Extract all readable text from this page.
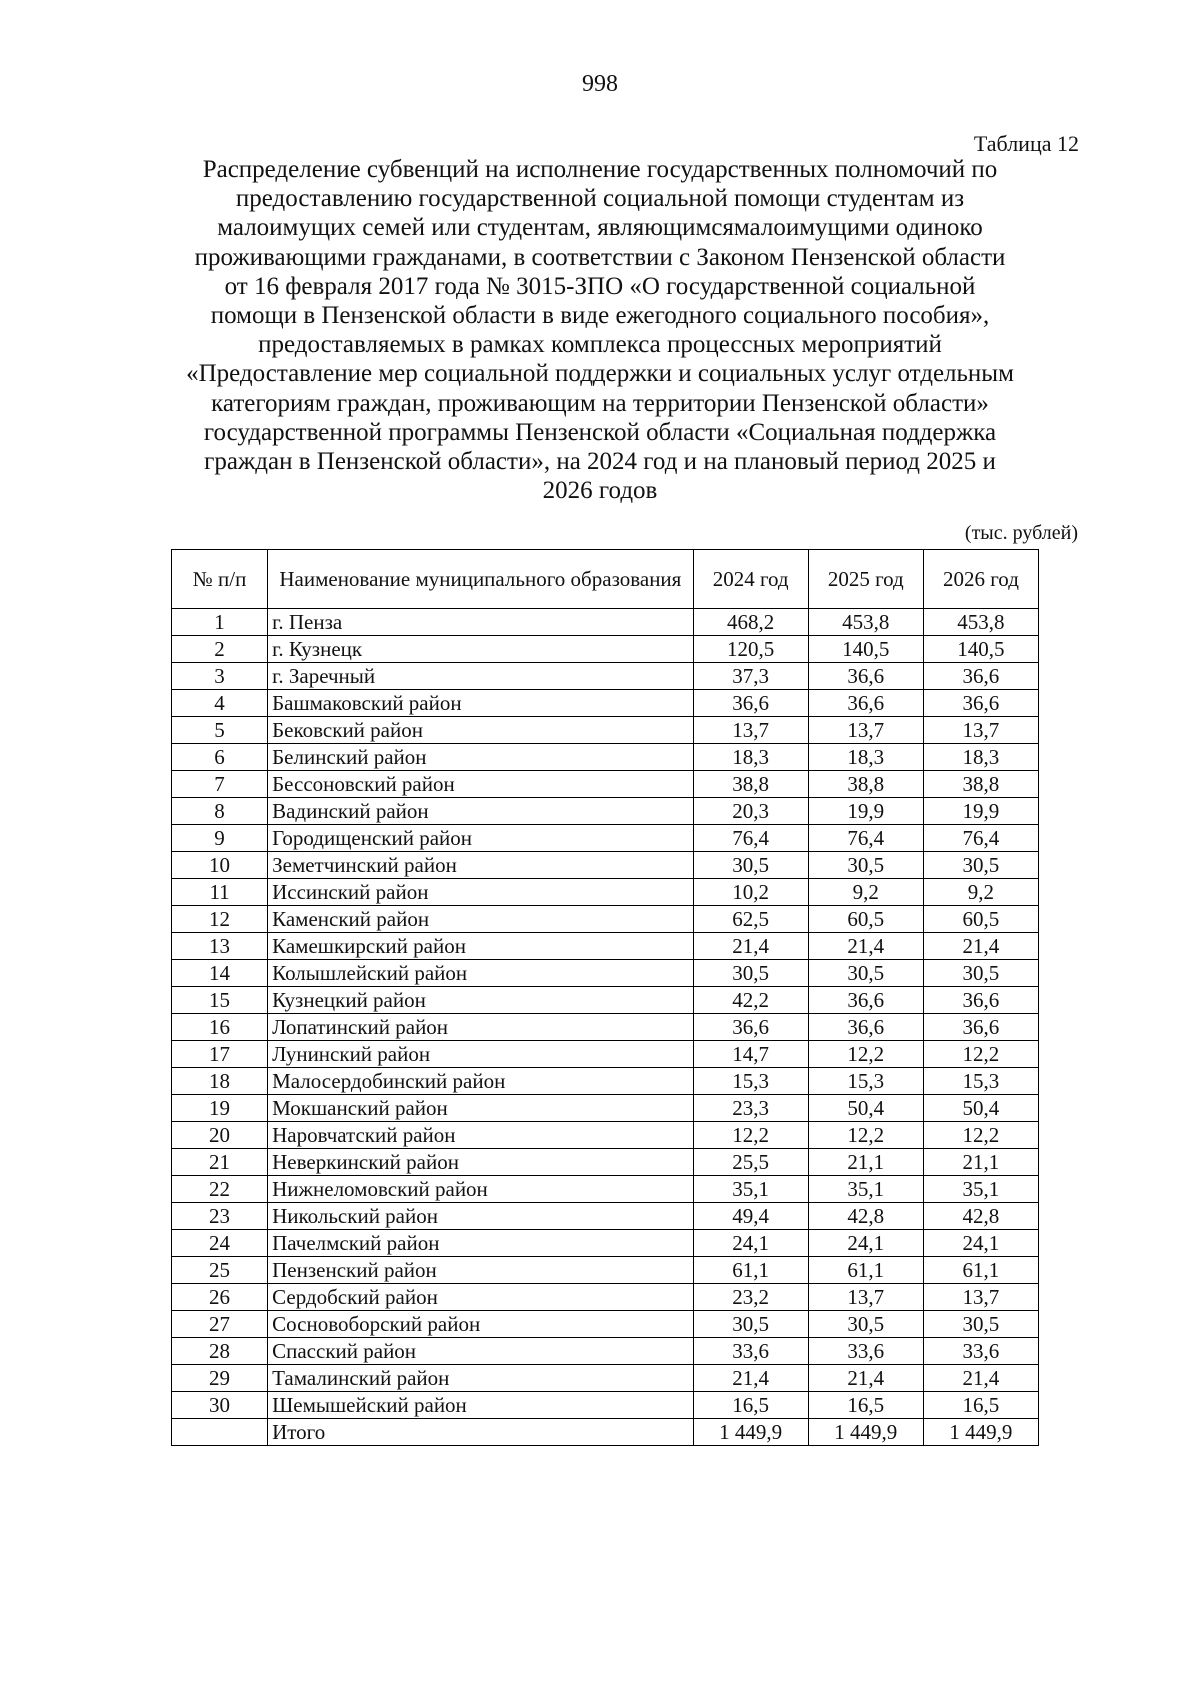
998
Таблица 12
Распределение субвенций на исполнение государственных полномочий по
предоставлению государственной социальной помощи студентам из
малоимущих семей или студентам, являющимсямалоимущими одиноко
проживающими гражданами, в соответствии с Законом Пензенской области
от 16 февраля 2017 года № 3015-ЗПО «О государственной социальной
помощи в Пензенской области в виде ежегодного социального пособия»,
предоставляемых в рамках комплекса процессных мероприятий
«Предоставление мер социальной поддержки и социальных услуг отдельным
категориям граждан, проживающим на территории Пензенской области»
государственной программы Пензенской области «Социальная поддержка
граждан в Пензенской области», на 2024 год и на плановый период 2025 и
2026 годов
(тыс. рублей)
№ п/п	Наименование муниципального образования	2024 год	2025 год	2026 год
1	г. Пенза	468,2	453,8	453,8
2	г. Кузнецк	120,5	140,5	140,5
3	г. Заречный	37,3	36,6	36,6
4	Башмаковский район	36,6	36,6	36,6
5	Бековский район	13,7	13,7	13,7
6	Белинский район	18,3	18,3	18,3
7	Бессоновский район	38,8	38,8	38,8
8	Вадинский район	20,3	19,9	19,9
9	Городищенский район	76,4	76,4	76,4
10	Земетчинский район	30,5	30,5	30,5
11	Иссинский район	10,2	9,2	9,2
12	Каменский район	62,5	60,5	60,5
13	Камешкирский район	21,4	21,4	21,4
14	Колышлейский район	30,5	30,5	30,5
15	Кузнецкий район	42,2	36,6	36,6
16	Лопатинский район	36,6	36,6	36,6
17	Лунинский район	14,7	12,2	12,2
18	Малосердобинский район	15,3	15,3	15,3
19	Мокшанский район	23,3	50,4	50,4
20	Наровчатский район	12,2	12,2	12,2
21	Неверкинский район	25,5	21,1	21,1
22	Нижнеломовский район	35,1	35,1	35,1
23	Никольский район	49,4	42,8	42,8
24	Пачелмский район	24,1	24,1	24,1
25	Пензенский район	61,1	61,1	61,1
26	Сердобский район	23,2	13,7	13,7
27	Сосновоборский район	30,5	30,5	30,5
28	Спасский район	33,6	33,6	33,6
29	Тамалинский район	21,4	21,4	21,4
30	Шемышейский район	16,5	16,5	16,5
	Итого	1 449,9	1 449,9	1 449,9
